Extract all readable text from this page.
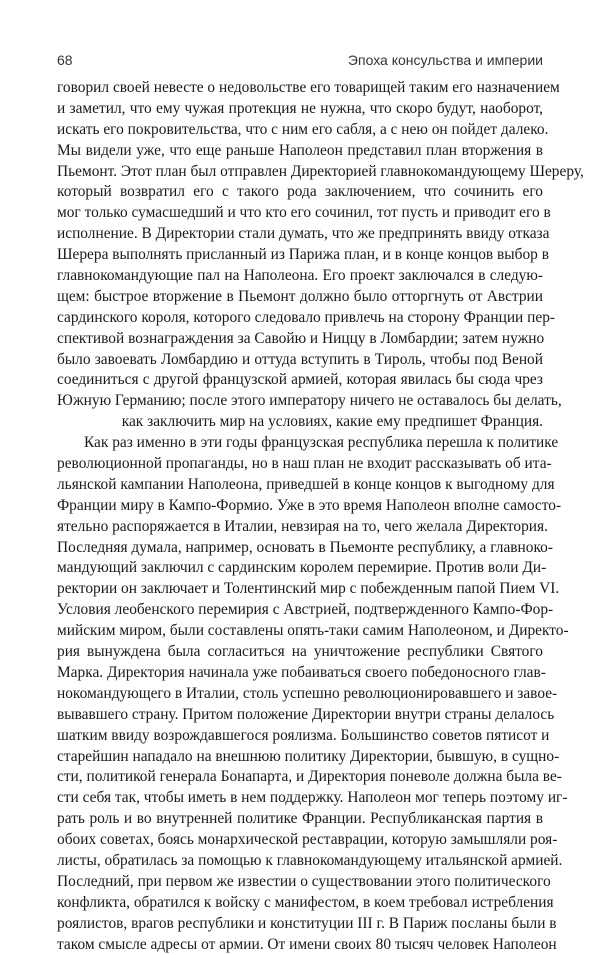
68	Эпоха консульства и империи
говорил своей невесте о недовольстве его товарищей таким его назначением
и заметил, что ему чужая протекция не нужна, что скоро будут, наоборот,
искать его покровительства, что с ним его сабля, а с нею он пойдет далеко.
Мы видели уже, что еще раньше Наполеон представил план вторжения в
Пьемонт. Этот план был отправлен Директорией главнокомандующему Шереру,
который возвратил его с такого рода заключением, что сочинить его
мог только сумасшедший и что кто его сочинил, тот пусть и приводит его в
исполнение. В Директории стали думать, что же предпринять ввиду отказа
Шерера выполнять присланный из Парижа план, и в конце концов выбор в
главнокомандующие пал на Наполеона. Его проект заключался в следую-
щем: быстрое вторжение в Пьемонт должно было отторгнуть от Австрии
сардинского короля, которого следовало привлечь на сторону Франции пер-
спективой вознаграждения за Савойю и Ниццу в Ломбардии; затем нужно
было завоевать Ломбардию и оттуда вступить в Тироль, чтобы под Веной
соединиться с другой французской армией, которая явилась бы сюда чрез
Южную Германию; после этого императору ничего не оставалось бы делать,
как заключить мир на условиях, какие ему предпишет Франция.
Как раз именно в эти годы французская республика перешла к политике
революционной пропаганды, но в наш план не входит рассказывать об ита-
льянской кампании Наполеона, приведшей в конце концов к выгодному для
Франции миру в Кампо-Формио. Уже в это время Наполеон вполне самосто-
ятельно распоряжается в Италии, невзирая на то, чего желала Директория.
Последняя думала, например, основать в Пьемонте республику, а главноко-
мандующий заключил с сардинским королем перемирие. Против воли Ди-
ректории он заключает и Толентинский мир с побежденным папой Пием VI.
Условия леобенского перемирия с Австрией, подтвержденного Кампо-Фор-
мийским миром, были составлены опять-таки самим Наполеоном, и Директо-
рия вынуждена была согласиться на уничтожение республики Святого
Марка. Директория начинала уже побаиваться своего победоносного глав-
нокомандующего в Италии, столь успешно революционировавшего и завое-
вывавшего страну. Притом положение Директории внутри страны делалось
шатким ввиду возрождавшегося роялизма. Большинство советов пятисот и
старейшин нападало на внешнюю политику Директории, бывшую, в сущно-
сти, политикой генерала Бонапарта, и Директория поневоле должна была ве-
сти себя так, чтобы иметь в нем поддержку. Наполеон мог теперь поэтому иг-
рать роль и во внутренней политике Франции. Республиканская партия в
обоих советах, боясь монархической реставрации, которую замышляли роя-
листы, обратилась за помощью к главнокомандующему итальянской армией.
Последний, при первом же известии о существовании этого политического
конфликта, обратился к войску с манифестом, в коем требовал истребления
роялистов, врагов республики и конституции III г. В Париж посланы были в
таком смысле адресы от армии. От имени своих 80 тысяч человек Наполеон
